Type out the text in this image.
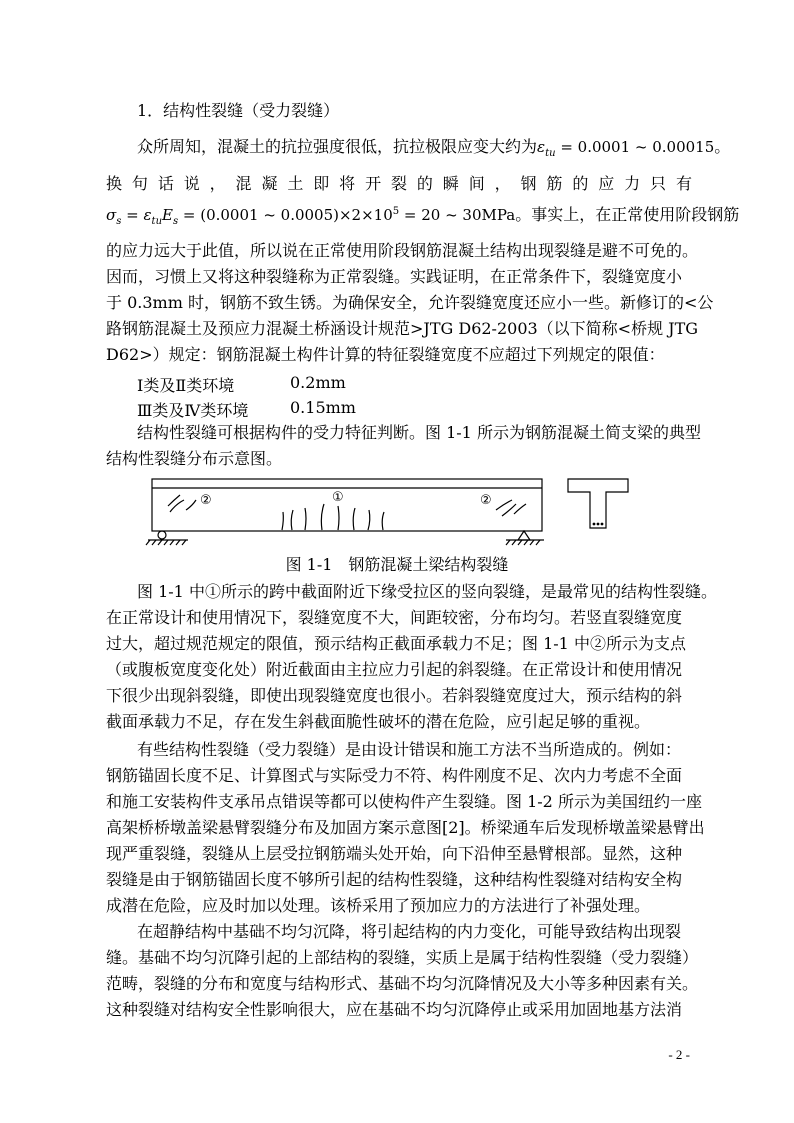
1．结构性裂缝（受力裂缝）
众所周知，混凝土的抗拉强度很低，抗拉极限应变大约为$\varepsilon_{tu} = 0.0001$ ~ 0.00015。
换 句 话 说 ， 混 凝 土 即 将 开 裂 的 瞬 间 ， 钢 筋 的 应 力 只 有
$\sigma_s = \varepsilon_{tu}E_s = (0.0001$ ~ $0.0005)\times 2\times 10^5 = 20$ ~ 30MPa。事实上，在正常使用阶段钢筋
的应力远大于此值，所以说在正常使用阶段钢筋混凝土结构出现裂缝是避不可免的。
因而，习惯上又将这种裂缝称为正常裂缝。实践证明，在正常条件下，裂缝宽度小
于 0.3mm 时，钢筋不致生锈。为确保安全，允许裂缝宽度还应小一些。新修订的<公
路钢筋混凝土及预应力混凝土桥涵设计规范>JTG D62-2003（以下简称<桥规 JTG
D62>）规定：钢筋混凝土构件计算的特征裂缝宽度不应超过下列规定的限值：
Ⅰ类及Ⅱ类环境	0.2mm
Ⅲ类及Ⅳ类环境	0.15mm
结构性裂缝可根据构件的受力特征判断。图 1-1 所示为钢筋混凝土简支梁的典型
结构性裂缝分布示意图。
②	①	②
图 1-1　钢筋混凝土梁结构裂缝
图 1-1 中①所示的跨中截面附近下缘受拉区的竖向裂缝，是最常见的结构性裂缝。
在正常设计和使用情况下，裂缝宽度不大，间距较密，分布均匀。若竖直裂缝宽度
过大，超过规范规定的限值，预示结构正截面承载力不足；图 1-1 中②所示为支点
（或腹板宽度变化处）附近截面由主拉应力引起的斜裂缝。在正常设计和使用情况
下很少出现斜裂缝，即使出现裂缝宽度也很小。若斜裂缝宽度过大，预示结构的斜
截面承载力不足，存在发生斜截面脆性破坏的潜在危险，应引起足够的重视。
有些结构性裂缝（受力裂缝）是由设计错误和施工方法不当所造成的。例如：
钢筋锚固长度不足、计算图式与实际受力不符、构件刚度不足、次内力考虑不全面
和施工安装构件支承吊点错误等都可以使构件产生裂缝。图 1-2 所示为美国纽约一座
高架桥桥墩盖梁悬臂裂缝分布及加固方案示意图[2]。桥梁通车后发现桥墩盖梁悬臂出
现严重裂缝，裂缝从上层受拉钢筋端头处开始，向下沿伸至悬臂根部。显然，这种
裂缝是由于钢筋锚固长度不够所引起的结构性裂缝，这种结构性裂缝对结构安全构
成潜在危险，应及时加以处理。该桥采用了预加应力的方法进行了补强处理。
在超静结构中基础不均匀沉降，将引起结构的内力变化，可能导致结构出现裂
缝。基础不均匀沉降引起的上部结构的裂缝，实质上是属于结构性裂缝（受力裂缝）
范畴，裂缝的分布和宽度与结构形式、基础不均匀沉降情况及大小等多种因素有关。
这种裂缝对结构安全性影响很大，应在基础不均匀沉降停止或采用加固地基方法消
- 2 -
